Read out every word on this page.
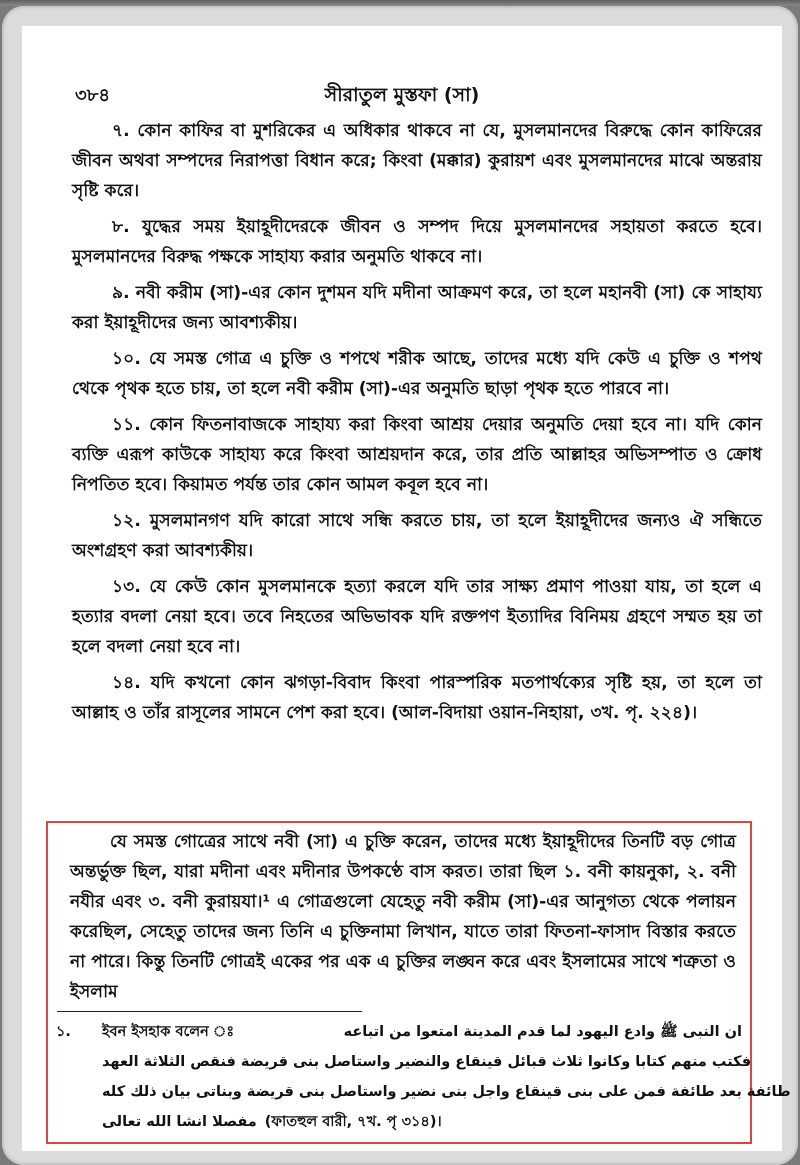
৩৮৪	সীরাতুল মুস্তফা (সা)

৭. কোন কাফির বা মুশরিকের এ অধিকার থাকবে না যে, মুসলমানদের বিরুদ্ধে কোন কাফিরের জীবন অথবা সম্পদের নিরাপত্তা বিধান করে; কিংবা (মক্কার) কুরায়শ এবং মুসলমানদের মাঝে অন্তরায় সৃষ্টি করে।

৮. যুদ্ধের সময় ইয়াহূদীদেরকে জীবন ও সম্পদ দিয়ে মুসলমানদের সহায়তা করতে হবে। মুসলমানদের বিরুদ্ধ পক্ষকে সাহায্য করার অনুমতি থাকবে না।

৯. নবী করীম (সা)-এর কোন দুশমন যদি মদীনা আক্রমণ করে, তা হলে মহানবী (সা) কে সাহায্য করা ইয়াহূদীদের জন্য আবশ্যকীয়।

১০. যে সমস্ত গোত্র এ চুক্তি ও শপথে শরীক আছে, তাদের মধ্যে যদি কেউ এ চুক্তি ও শপথ থেকে পৃথক হতে চায়, তা হলে নবী করীম (সা)-এর অনুমতি ছাড়া পৃথক হতে পারবে না।

১১. কোন ফিতনাবাজকে সাহায্য করা কিংবা আশ্রয় দেয়ার অনুমতি দেয়া হবে না। যদি কোন ব্যক্তি এরূপ কাউকে সাহায্য করে কিংবা আশ্রয়দান করে, তার প্রতি আল্লাহর অভিসম্পাত ও ক্রোধ নিপতিত হবে। কিয়ামত পর্যন্ত তার কোন আমল কবূল হবে না।

১২. মুসলমানগণ যদি কারো সাথে সন্ধি করতে চায়, তা হলে ইয়াহূদীদের জন্যও ঐ সন্ধিতে অংশগ্রহণ করা আবশ্যকীয়।

১৩. যে কেউ কোন মুসলমানকে হত্যা করলে যদি তার সাক্ষ্য প্রমাণ পাওয়া যায়, তা হলে এ হত্যার বদলা নেয়া হবে। তবে নিহতের অভিভাবক যদি রক্তপণ ইত্যাদির বিনিময় গ্রহণে সম্মত হয় তা হলে বদলা নেয়া হবে না।

১৪. যদি কখনো কোন ঝগড়া-বিবাদ কিংবা পারস্পরিক মতপার্থক্যের সৃষ্টি হয়, তা হলে তা আল্লাহ ও তাঁর রাসূলের সামনে পেশ করা হবে। (আল-বিদায়া ওয়ান-নিহায়া, ৩খ. পৃ. ২২৪)।

যে সমস্ত গোত্রের সাথে নবী (সা) এ চুক্তি করেন, তাদের মধ্যে ইয়াহূদীদের তিনটি বড় গোত্র অন্তর্ভুক্ত ছিল, যারা মদীনা এবং মদীনার উপকণ্ঠে বাস করত। তারা ছিল ১. বনী কায়নুকা, ২. বনী নযীর এবং ৩. বনী কুরায়যা।¹ এ গোত্রগুলো যেহেতু নবী করীম (সা)-এর আনুগত্য থেকে পলায়ন করেছিল, সেহেতু তাদের জন্য তিনি এ চুক্তিনামা লিখান, যাতে তারা ফিতনা-ফাসাদ বিস্তার করতে না পারে। কিন্তু তিনটি গোত্রই একের পর এক এ চুক্তির লঙ্ঘন করে এবং ইসলামের সাথে শত্রুতা ও ইসলাম

১.	ইবন ইসহাক বলেন ঃ	ان النبى ﷺ وادع اليهود لما قدم المدينة امتعوا من اتباعه
فكتب منهم كتابا وكانوا ثلاث قبائل قينقاع والنضير واستاصل بنى قريضة فنقص الثلاثة العهد
طائفة بعد طائفة فمن على بنى قينقاع واجل بنى نضير واستاصل بنى قريضة وبناتى بيان ذلك كله
(ফাতহুল বারী, ৭খ. পৃ ৩১৪)।
مفصلا انشا الله تعالى
